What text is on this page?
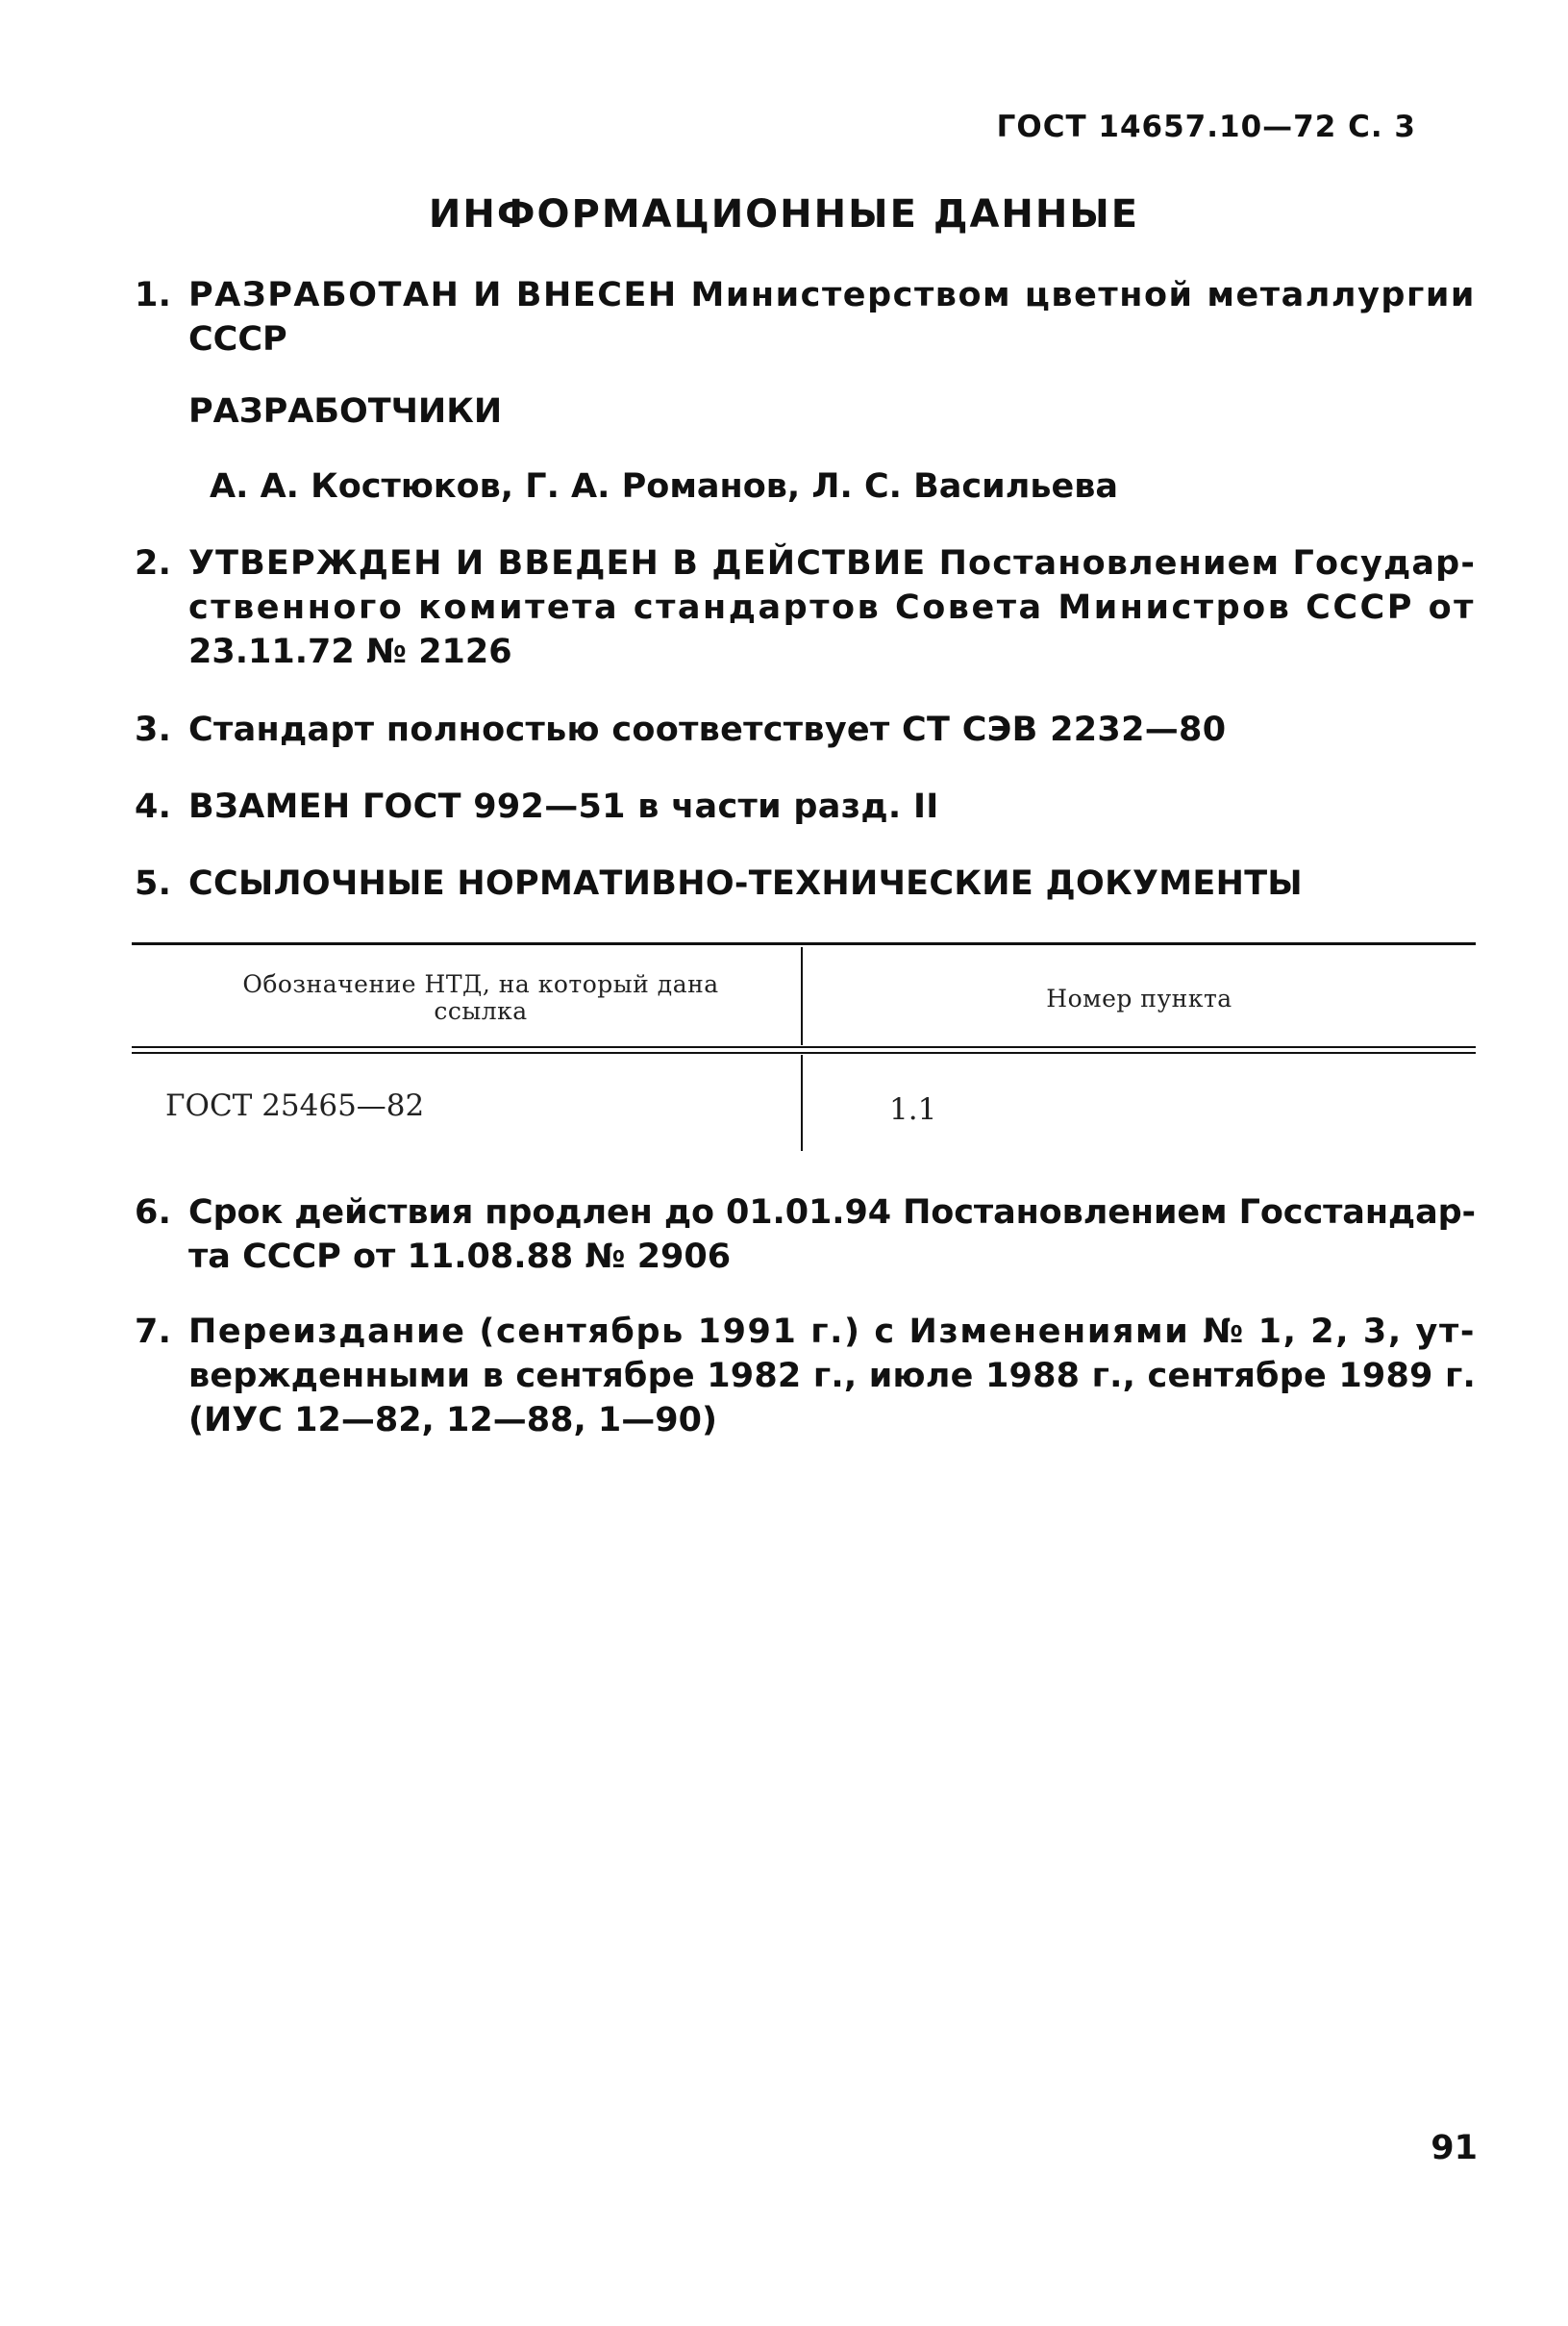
ГОСТ 14657.10—72 С. 3
ИНФОРМАЦИОННЫЕ ДАННЫЕ
1. РАЗРАБОТАН И ВНЕСЕН Министерством цветной металлургии
СССР
РАЗРАБОТЧИКИ
А. А. Костюков, Г. А. Романов, Л. С. Васильева
2. УТВЕРЖДЕН И ВВЕДЕН В ДЕЙСТВИЕ Постановлением Государ-
ственного комитета стандартов Совета Министров СССР от
23.11.72 № 2126
3. Стандарт полностью соответствует СТ СЭВ 2232—80
4. ВЗАМЕН ГОСТ 992—51 в части разд. II
5. ССЫЛОЧНЫЕ НОРМАТИВНО-ТЕХНИЧЕСКИЕ ДОКУМЕНТЫ
Обозначение НТД, на который дана ссылка	Номер пункта
ГОСТ 25465—82	1.1
6. Срок действия продлен до 01.01.94 Постановлением Госстандар-
та СССР от 11.08.88 № 2906
7. Переиздание (сентябрь 1991 г.) с Изменениями № 1, 2, 3, ут-
вержденными в сентябре 1982 г., июле 1988 г., сентябре 1989 г.
(ИУС 12—82, 12—88, 1—90)
91
